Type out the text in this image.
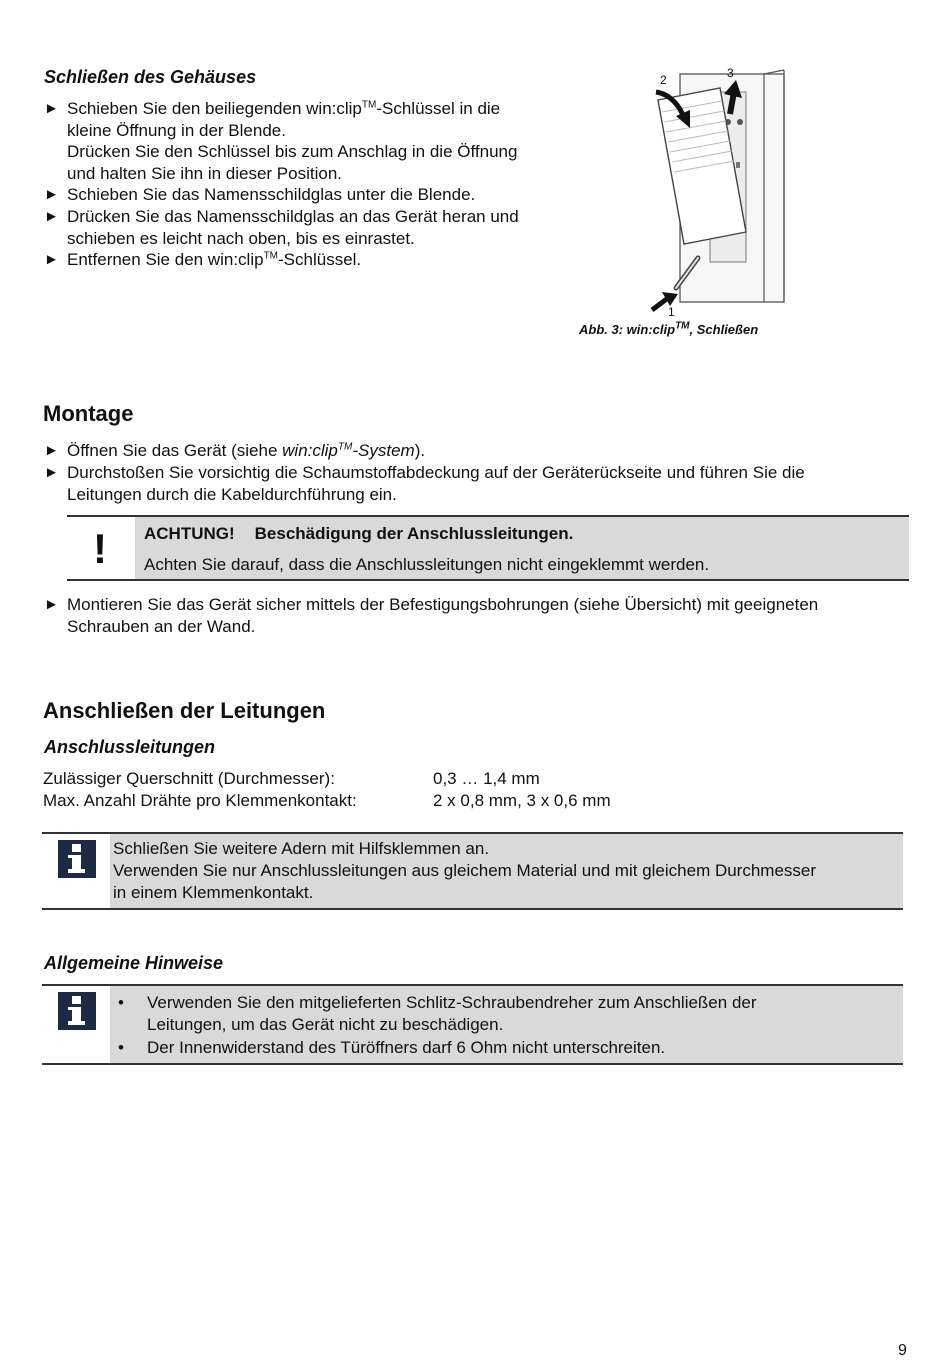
Schließen des Gehäuses
► Schieben Sie den beiliegenden win:clip™-Schlüssel in die
kleine Öffnung in der Blende.
Drücken Sie den Schlüssel bis zum Anschlag in die Öffnung
und halten Sie ihn in dieser Position.
► Schieben Sie das Namensschildglas unter die Blende.
► Drücken Sie das Namensschildglas an das Gerät heran und
schieben es leicht nach oben, bis es einrastet.
► Entfernen Sie den win:clip™-Schlüssel.
2	3
1
Abb. 3: win:clip™, Schließen
Montage
► Öffnen Sie das Gerät (siehe win:clip™-System).
► Durchstoßen Sie vorsichtig die Schaumstoffabdeckung auf der Geräterückseite und führen Sie die
Leitungen durch die Kabeldurchführung ein.
! ACHTUNG! Beschädigung der Anschlussleitungen.
Achten Sie darauf, dass die Anschlussleitungen nicht eingeklemmt werden.
► Montieren Sie das Gerät sicher mittels der Befestigungsbohrungen (siehe Übersicht) mit geeigneten
Schrauben an der Wand.
Anschließen der Leitungen
Anschlussleitungen
Zulässiger Querschnitt (Durchmesser):	0,3 … 1,4 mm
Max. Anzahl Drähte pro Klemmenkontakt:	2 x 0,8 mm, 3 x 0,6 mm
Schließen Sie weitere Adern mit Hilfsklemmen an.
Verwenden Sie nur Anschlussleitungen aus gleichem Material und mit gleichem Durchmesser
in einem Klemmenkontakt.
Allgemeine Hinweise
• Verwenden Sie den mitgelieferten Schlitz-Schraubendreher zum Anschließen der
Leitungen, um das Gerät nicht zu beschädigen.
• Der Innenwiderstand des Türöffners darf 6 Ohm nicht unterschreiten.
9
